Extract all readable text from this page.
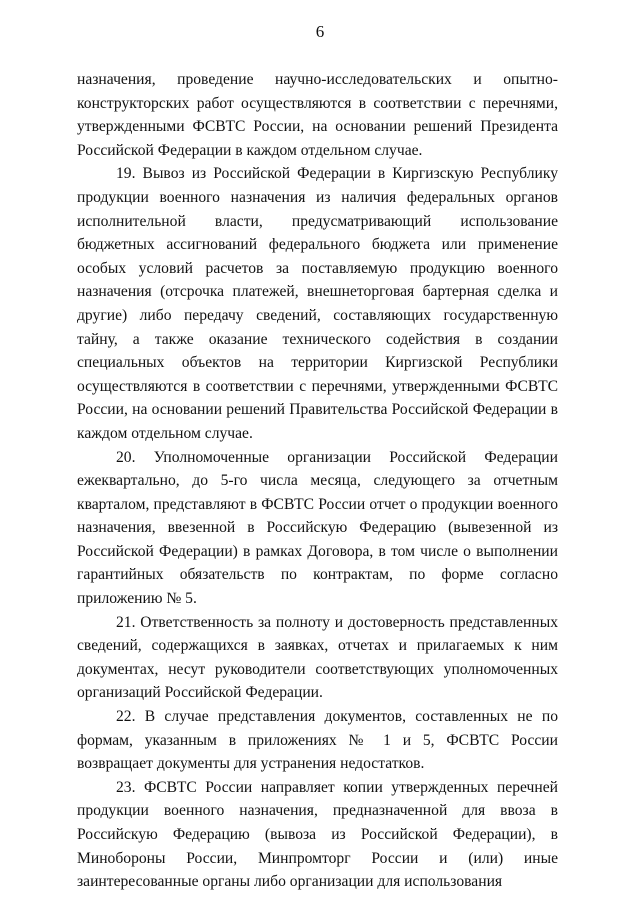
6

назначения, проведение научно-исследовательских и опытно-конструкторских работ осуществляются в соответствии с перечнями, утвержденными ФСВТС России, на основании решений Президента Российской Федерации в каждом отдельном случае.

19. Вывоз из Российской Федерации в Киргизскую Республику продукции военного назначения из наличия федеральных органов исполнительной власти, предусматривающий использование бюджетных ассигнований федерального бюджета или применение особых условий расчетов за поставляемую продукцию военного назначения (отсрочка платежей, внешнеторговая бартерная сделка и другие) либо передачу сведений, составляющих государственную тайну, а также оказание технического содействия в создании специальных объектов на территории Киргизской Республики осуществляются в соответствии с перечнями, утвержденными ФСВТС России, на основании решений Правительства Российской Федерации в каждом отдельном случае.

20. Уполномоченные организации Российской Федерации ежеквартально, до 5-го числа месяца, следующего за отчетным кварталом, представляют в ФСВТС России отчет о продукции военного назначения, ввезенной в Российскую Федерацию (вывезенной из Российской Федерации) в рамках Договора, в том числе о выполнении гарантийных обязательств по контрактам, по форме согласно приложению № 5.

21. Ответственность за полноту и достоверность представленных сведений, содержащихся в заявках, отчетах и прилагаемых к ним документах, несут руководители соответствующих уполномоченных организаций Российской Федерации.

22. В случае представления документов, составленных не по формам, указанным в приложениях № 1 и 5, ФСВТС России возвращает документы для устранения недостатков.

23. ФСВТС России направляет копии утвержденных перечней продукции военного назначения, предназначенной для ввоза в Российскую Федерацию (вывоза из Российской Федерации), в Минобороны России, Минпромторг России и (или) иные заинтересованные органы либо организации для использования
